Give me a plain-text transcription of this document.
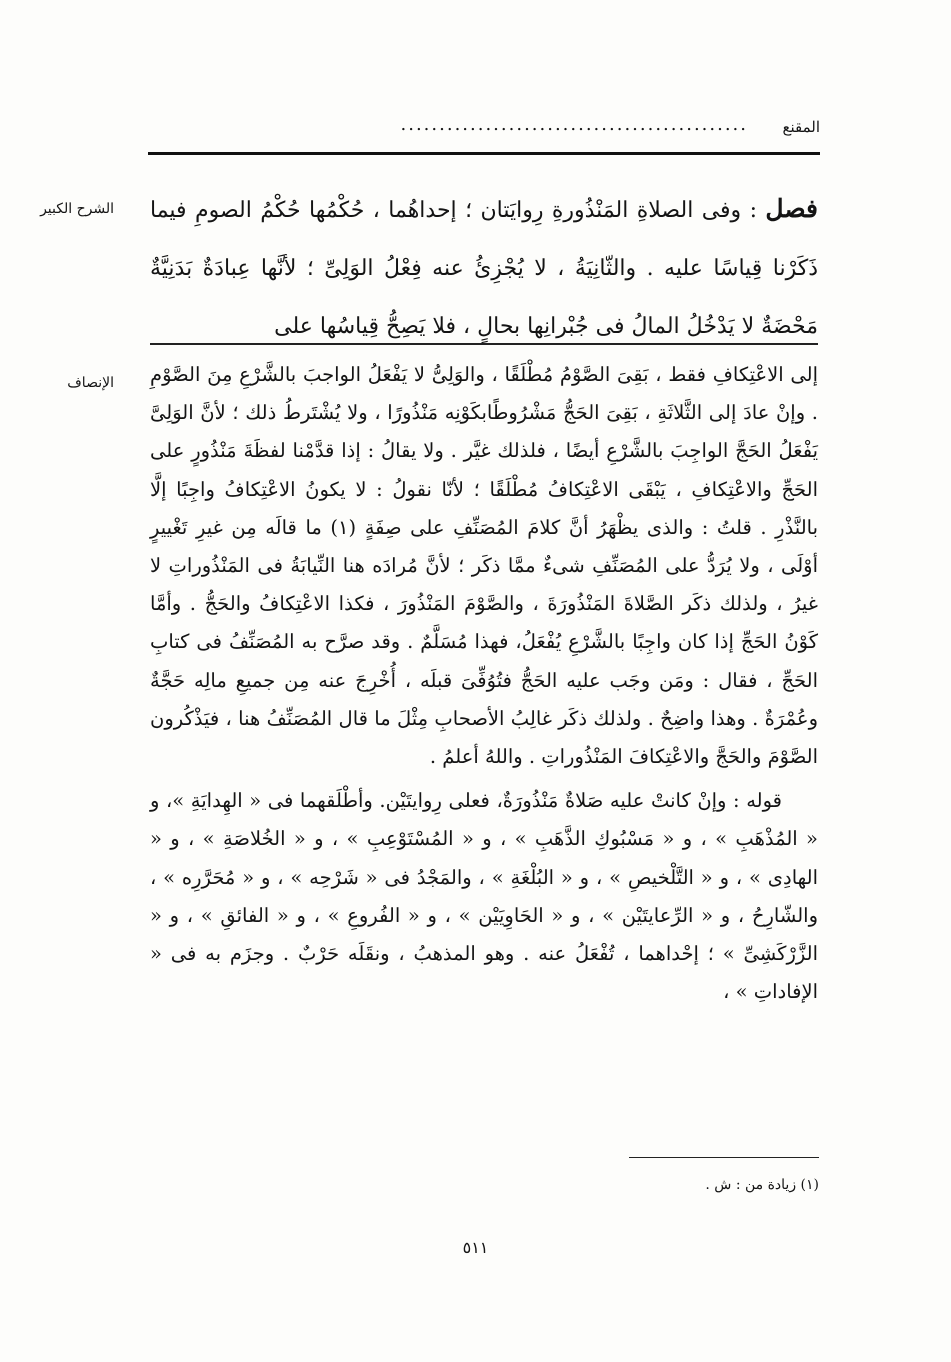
.............................................	المقنع
الشرح الكبير	فصل : وفى الصلاةِ المَنْذُورةِ رِوايَتان ؛ إحداهُما ، حُكْمُها حُكْمُ الصومِ فيما ذَكَرْنا قِياسًا عليه . والثّانِيَةُ ، لا يُجْزِئُ عنه فِعْلُ الوَلِىِّ ؛ لأنَّها عِبادَةٌ بَدَنِيَّةٌ مَحْضَةٌ لا يَدْخُلُ المالُ فى جُبْرانِها بحالٍ ، فلا يَصِحُّ قِياسُها على

الإنصاف إلى الاعْتِكافِ فقط ، بَقِىَ الصَّوْمُ مُطْلَقًا ، والوَلِىُّ لا يَفْعَلُ الواجبَ بالشَّرْعِ مِنَ الصَّوْمِ . وإنْ عادَ إلى الثَّلاثَةِ ، بَقِىَ الحَجُّ مَشْرُوطًابكَوْنِه مَنْذُورًا ، ولا يُشْتَرطُ ذلك ؛ لأنَّ الوَلِىَّ يَفْعَلُ الحَجَّ الواجِبَ بالشَّرْعِ أيضًا ، فلذلك غيَّر . ولا يقالُ : إذا قدَّمْنا لفظَةَ مَنْذُورٍ على الحَجِّ والاعْتِكافِ ، يَبْقَى الاعْتِكافُ مُطْلَقًا ؛ لأنّا نقولُ : لا يكونُ الاعْتِكافُ واجِبًا إلَّا بالنَّذْرِ . قلتُ : والذى يظْهَرُ أنَّ كلامَ المُصَنِّفِ على صِفَةٍ (١) ما قالَه مِن غيرِ تَغْييرٍ أوْلَى ، ولا يُرَدُّ على المُصَنِّفِ شىءٌ ممَّا ذكَر ؛ لأنَّ مُرادَه هنا النِّيابَةُ فى المَنْذُوراتِ لا غيرُ ، ولذلك ذكَر الصَّلاةَ المَنْذُورَةَ ، والصَّوْمَ المَنْذُورَ ، فكذا الاعْتِكافُ والحَجُّ . وأمَّا كَوْنُ الحَجِّ إذا كان واجِبًا بالشَّرْعِ يُفْعَلُ، فهذا مُسَلَّمٌ . وقد صرَّح به المُصَنِّفُ فى كتابِ الحَجِّ ، فقال : ومَن وجَب عليه الحَجُّ فتُوُفِّىَ قبلَه ، أُخْرِجَ عنه مِن جميعِ مالِه حَجَّةٌ وعُمْرَةٌ . وهذا واضِحٌ . ولذلك ذكَر غالِبُ الأصحابِ مِثْلَ ما قال المُصَنِّفُ هنا ، فيَذْكُرون الصَّوْمَ والحَجَّ والاعْتِكافَ المَنْذُوراتِ . واللهُ أعلمُ .

قوله : وإنْ كانتْ عليه صَلاةٌ مَنْذُورَةٌ، فعلى رِوايتَيْن. وأطْلَقهما فى « الهِدايَةِ »، و « المُذْهَبِ » ، و « مَسْبُوكِ الذَّهَبِ » ، و « المُسْتَوْعِبِ » ، و « الخُلاصَةِ » ، و « الهادِى » ، و « التَّلْخيصِ » ، و « البُلْغَةِ » ، والمَجْدُ فى « شَرْحِه » ، و « مُحَرَّرِه » ، والشّارِحُ ، و « الرِّعايتَيْن » ، و « الحَاوِيَيْن » ، و « الفُروعِ » ، و « الفائقِ » ، و « الزَّرْكَشِىِّ » ؛ إحْداهما ، تُفْعَلُ عنه . وهو المذهبُ ، ونقَلَه حَرْبٌ . وجزَم به فى « الإفاداتِ » ،

(١) زيادة من : ش .
٥١١
